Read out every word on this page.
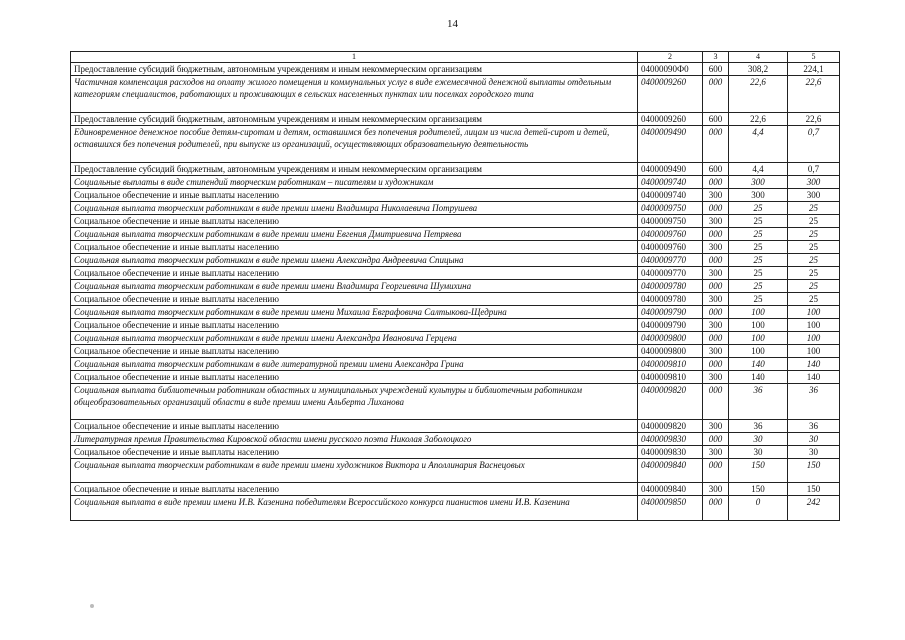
14
1	2	3	4	5
Предоставление субсидий бюджетным, автономным учреждениям и иным некоммерческим организациям	04000090Ф0	600	308,2	224,1
Частичная компенсация расходов на оплату жилого помещения и коммунальных услуг в виде ежемесячной денежной выплаты отдельным категориям специалистов, работающих и проживающих в сельских населенных пунктах или поселках городского типа	0400009260	000	22,6	22,6
Предоставление субсидий бюджетным, автономным учреждениям и иным некоммерческим организациям	0400009260	600	22,6	22,6
Единовременное денежное пособие детям-сиротам и детям, оставшимся без попечения родителей, лицам из числа детей-сирот и детей, оставшихся без попечения родителей, при выпуске из организаций, осуществляющих образовательную деятельность	0400009490	000	4,4	0,7
Предоставление субсидий бюджетным, автономным учреждениям и иным некоммерческим организациям	0400009490	600	4,4	0,7
Социальные выплаты в виде стипендий творческим работникам – писателям и художникам	0400009740	000	300	300
Социальное обеспечение и иные выплаты населению	0400009740	300	300	300
Социальная выплата творческим работникам в виде премии имени Владимира Николаевича Потрушева	0400009750	000	25	25
Социальное обеспечение и иные выплаты населению	0400009750	300	25	25
Социальная выплата творческим работникам в виде премии имени Евгения Дмитриевича Петряева	0400009760	000	25	25
Социальное обеспечение и иные выплаты населению	0400009760	300	25	25
Социальная выплата творческим работникам в виде премии имени Александра Андреевича Спицына	0400009770	000	25	25
Социальное обеспечение и иные выплаты населению	0400009770	300	25	25
Социальная выплата творческим работникам в виде премии имени Владимира Георгиевича Шумихина	0400009780	000	25	25
Социальное обеспечение и иные выплаты населению	0400009780	300	25	25
Социальная выплата творческим работникам в виде премии имени Михаила Евграфовича Салтыкова-Щедрина	0400009790	000	100	100
Социальное обеспечение и иные выплаты населению	0400009790	300	100	100
Социальная выплата творческим работникам в виде премии имени Александра Ивановича Герцена	0400009800	000	100	100
Социальное обеспечение и иные выплаты населению	0400009800	300	100	100
Социальная выплата творческим работникам в виде литературной премии имени Александра Грина	0400009810	000	140	140
Социальное обеспечение и иные выплаты населению	0400009810	300	140	140
Социальная выплата библиотечным работникам областных и муниципальных учреждений культуры и библиотечным работникам общеобразовательных организаций области в виде премии имени Альберта Лиханова	0400009820	000	36	36
Социальное обеспечение и иные выплаты населению	0400009820	300	36	36
Литературная премия Правительства Кировской области имени русского поэта Николая Заболоцкого	0400009830	000	30	30
Социальное обеспечение и иные выплаты населению	0400009830	300	30	30
Социальная выплата творческим работникам в виде премии имени художников Виктора и Аполлинария Васнецовых	0400009840	000	150	150
Социальное обеспечение и иные выплаты населению	0400009840	300	150	150
Социальная выплата в виде премии имени И.В. Казенина победителям Всероссийского конкурса пианистов имени И.В. Казенина	0400009850	000	0	242
